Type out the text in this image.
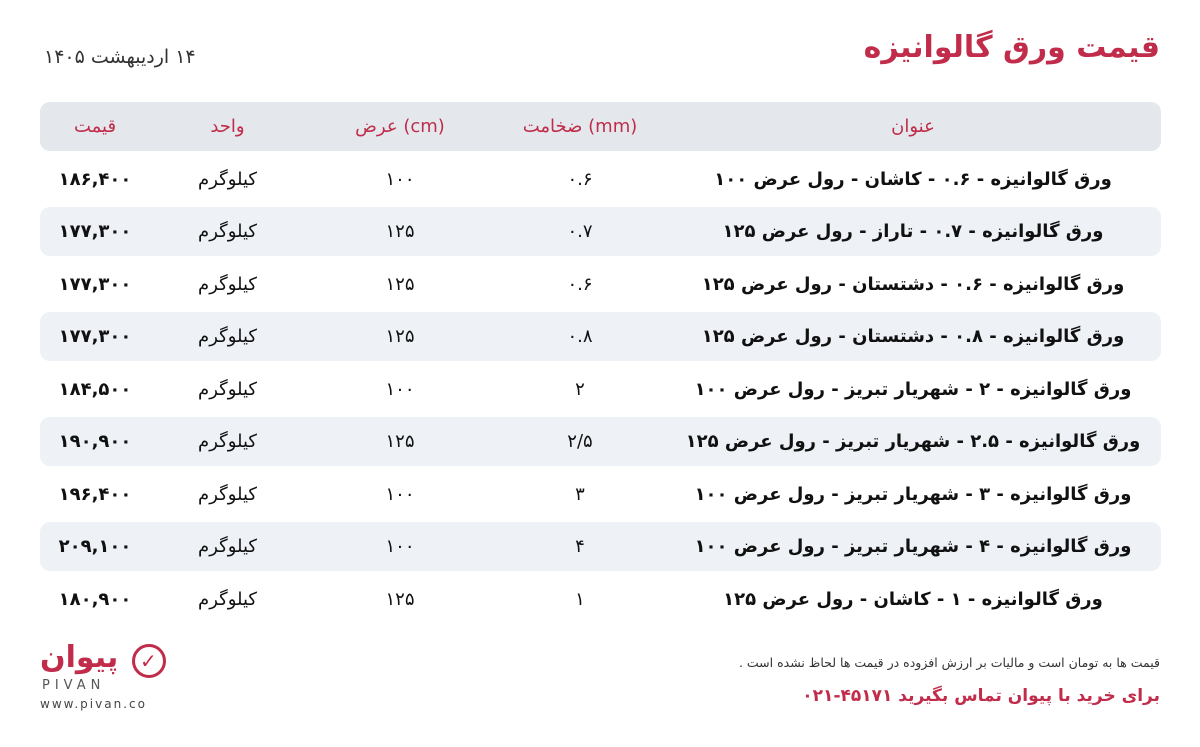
قیمت ورق گالوانیزه
۱۴ اردیبهشت ۱۴۰۵
قیمت	واحد	عرض (cm)	ضخامت (mm)	عنوان
۱۸۶,۴۰۰	کیلوگرم	۱۰۰	۰.۶	ورق گالوانیزه - ۰.۶ - کاشان - رول عرض ۱۰۰
۱۷۷,۳۰۰	کیلوگرم	۱۲۵	۰.۷	ورق گالوانیزه - ۰.۷ - تاراز - رول عرض ۱۲۵
۱۷۷,۳۰۰	کیلوگرم	۱۲۵	۰.۶	ورق گالوانیزه - ۰.۶ - دشتستان - رول عرض ۱۲۵
۱۷۷,۳۰۰	کیلوگرم	۱۲۵	۰.۸	ورق گالوانیزه - ۰.۸ - دشتستان - رول عرض ۱۲۵
۱۸۴,۵۰۰	کیلوگرم	۱۰۰	۲	ورق گالوانیزه - ۲ - شهریار تبریز - رول عرض ۱۰۰
۱۹۰,۹۰۰	کیلوگرم	۱۲۵	۲/۵	ورق گالوانیزه - ۲.۵ - شهریار تبریز - رول عرض ۱۲۵
۱۹۶,۴۰۰	کیلوگرم	۱۰۰	۳	ورق گالوانیزه - ۳ - شهریار تبریز - رول عرض ۱۰۰
۲۰۹,۱۰۰	کیلوگرم	۱۰۰	۴	ورق گالوانیزه - ۴ - شهریار تبریز - رول عرض ۱۰۰
۱۸۰,۹۰۰	کیلوگرم	۱۲۵	۱	ورق گالوانیزه - ۱ - کاشان - رول عرض ۱۲۵
پیوان ✓
PIVAN
www.pivan.co
قیمت ها به تومان است و مالیات بر ارزش افزوده در قیمت ها لحاظ نشده است .
برای خرید با پیوان تماس بگیرید ۴۵۱۷۱-۰۲۱
